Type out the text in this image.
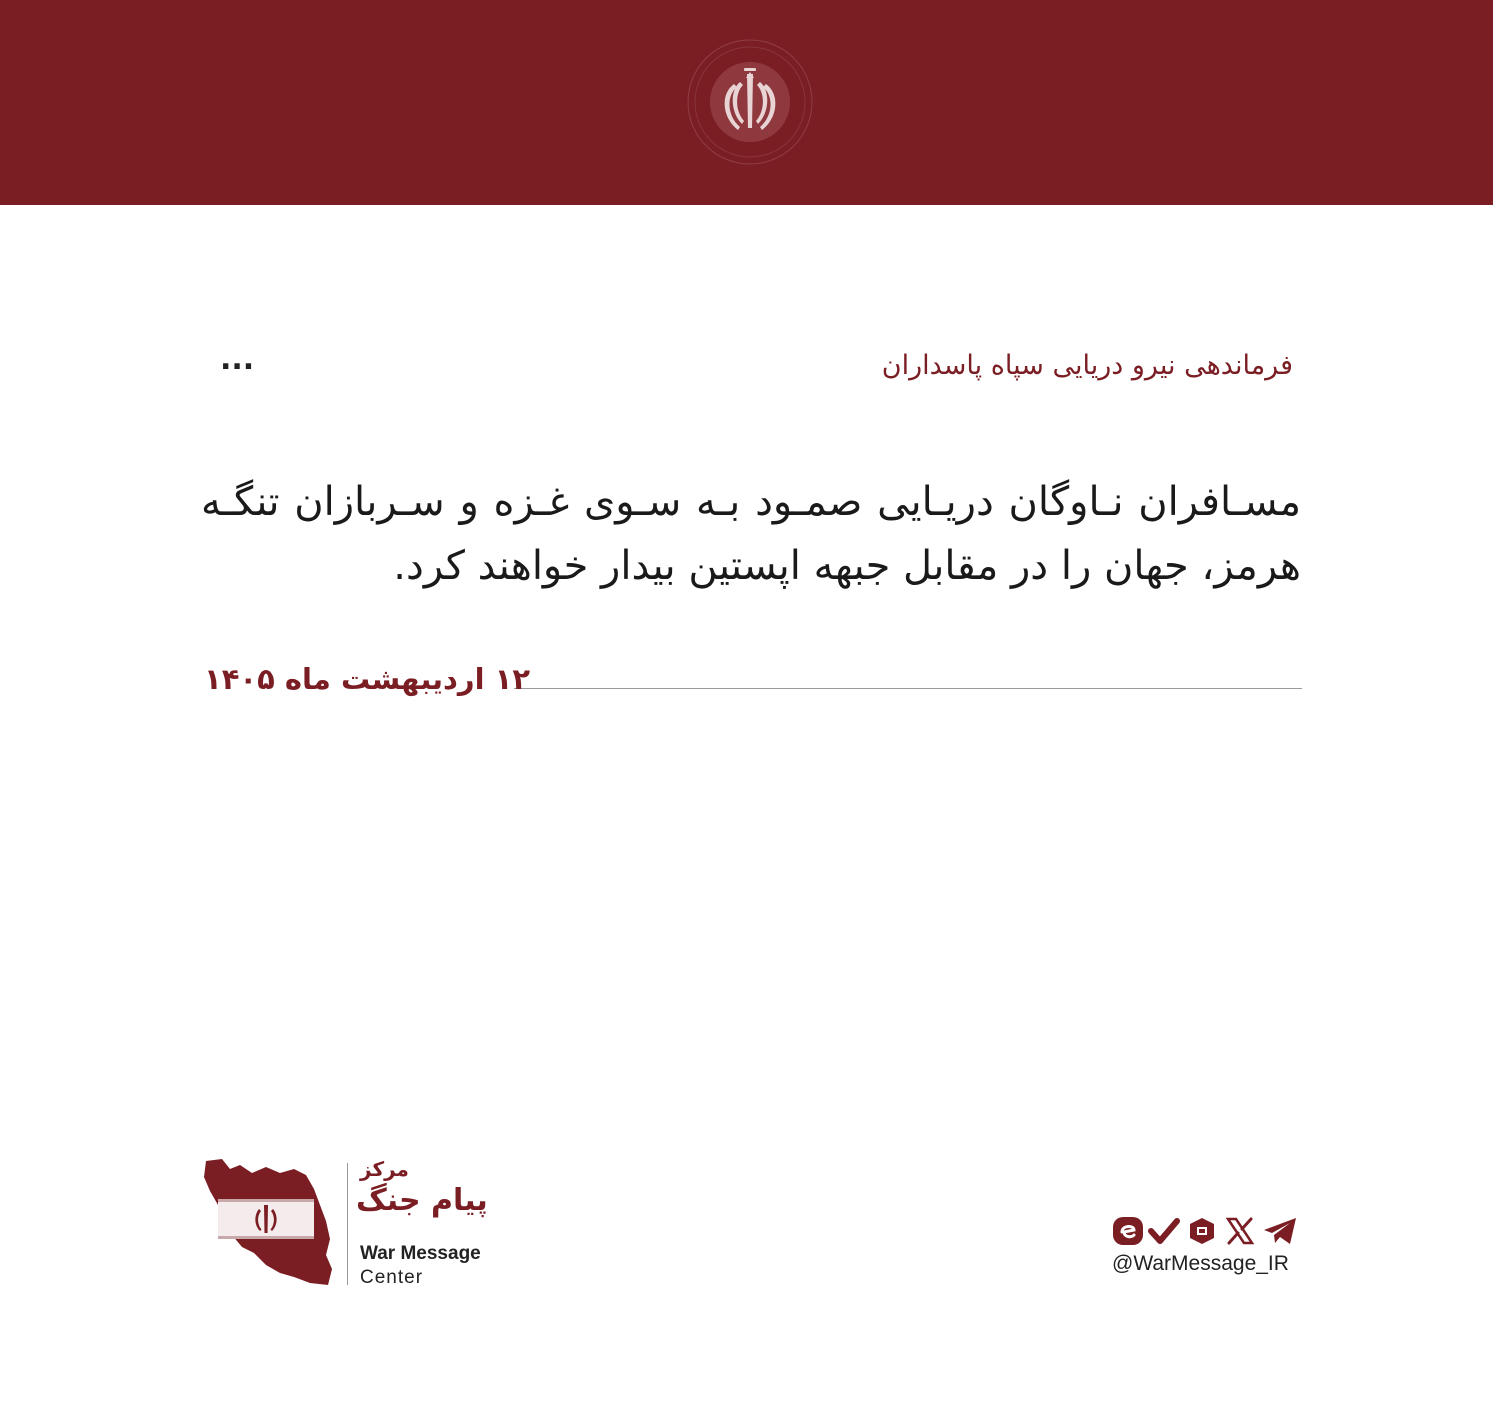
فرماندهی نیرو دریایی سپاه پاسداران
...
مسـافران نـاوگان دریـایی صمـود بـه سـوی غـزه و سـربازان تنگـه هرمز، جهان را در مقابل جبهه اپستین بیدار خواهند کرد.
۱۲ اردیبهشت ماه ۱۴۰۵
مرکز
پیام جنگ
War Message
Center
@WarMessage_IR
